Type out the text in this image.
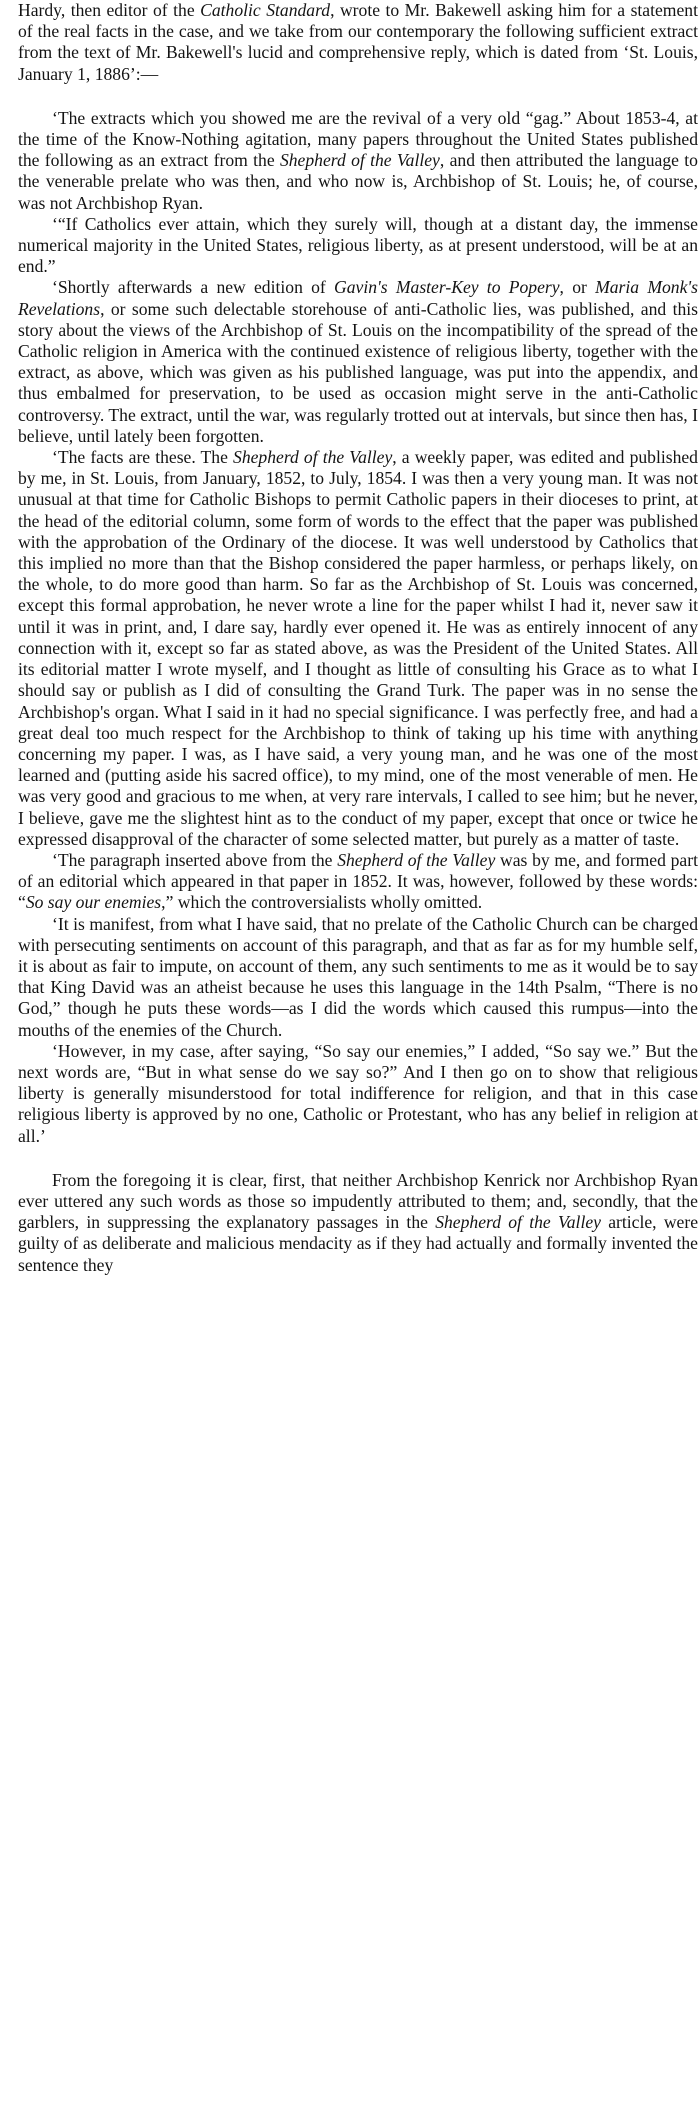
Hardy, then editor of the Catholic Standard, wrote to Mr. Bakewell asking him for a statement of the real facts in the case, and we take from our contemporary the following sufficient extract from the text of Mr. Bakewell's lucid and comprehensive reply, which is dated from ‘St. Louis, January 1, 1886’:—

‘The extracts which you showed me are the revival of a very old “gag.” About 1853-4, at the time of the Know-Nothing agitation, many papers throughout the United States published the following as an extract from the Shepherd of the Valley, and then attributed the language to the venerable prelate who was then, and who now is, Archbishop of St. Louis; he, of course, was not Archbishop Ryan.

‘“If Catholics ever attain, which they surely will, though at a distant day, the immense numerical majority in the United States, religious liberty, as at present understood, will be at an end.”

‘Shortly afterwards a new edition of Gavin's Master-Key to Popery, or Maria Monk's Revelations, or some such delectable storehouse of anti-Catholic lies, was published, and this story about the views of the Archbishop of St. Louis on the incompatibility of the spread of the Catholic religion in America with the continued existence of religious liberty, together with the extract, as above, which was given as his published language, was put into the appendix, and thus embalmed for preservation, to be used as occasion might serve in the anti-Catholic controversy. The extract, until the war, was regularly trotted out at intervals, but since then has, I believe, until lately been forgotten.

‘The facts are these. The Shepherd of the Valley, a weekly paper, was edited and published by me, in St. Louis, from January, 1852, to July, 1854. I was then a very young man. It was not unusual at that time for Catholic Bishops to permit Catholic papers in their dioceses to print, at the head of the editorial column, some form of words to the effect that the paper was published with the approbation of the Ordinary of the diocese. It was well understood by Catholics that this implied no more than that the Bishop considered the paper harmless, or perhaps likely, on the whole, to do more good than harm. So far as the Archbishop of St. Louis was concerned, except this formal approbation, he never wrote a line for the paper whilst I had it, never saw it until it was in print, and, I dare say, hardly ever opened it. He was as entirely innocent of any connection with it, except so far as stated above, as was the President of the United States. All its editorial matter I wrote myself, and I thought as little of consulting his Grace as to what I should say or publish as I did of consulting the Grand Turk. The paper was in no sense the Archbishop's organ. What I said in it had no special significance. I was perfectly free, and had a great deal too much respect for the Archbishop to think of taking up his time with anything concerning my paper. I was, as I have said, a very young man, and he was one of the most learned and (putting aside his sacred office), to my mind, one of the most venerable of men. He was very good and gracious to me when, at very rare intervals, I called to see him; but he never, I believe, gave me the slightest hint as to the conduct of my paper, except that once or twice he expressed disapproval of the character of some selected matter, but purely as a matter of taste.

‘The paragraph inserted above from the Shepherd of the Valley was by me, and formed part of an editorial which appeared in that paper in 1852. It was, however, followed by these words: “So say our enemies,” which the controversialists wholly omitted.

‘It is manifest, from what I have said, that no prelate of the Catholic Church can be charged with persecuting sentiments on account of this paragraph, and that as far as for my humble self, it is about as fair to impute, on account of them, any such sentiments to me as it would be to say that King David was an atheist because he uses this language in the 14th Psalm, “There is no God,” though he puts these words—as I did the words which caused this rumpus—into the mouths of the enemies of the Church.

‘However, in my case, after saying, “So say our enemies,” I added, “So say we.” But the next words are, “But in what sense do we say so?” And I then go on to show that religious liberty is generally misunderstood for total indifference for religion, and that in this case religious liberty is approved by no one, Catholic or Protestant, who has any belief in religion at all.’

From the foregoing it is clear, first, that neither Archbishop Kenrick nor Archbishop Ryan ever uttered any such words as those so impudently attributed to them; and, secondly, that the garblers, in suppressing the explanatory passages in the Shepherd of the Valley article, were guilty of as deliberate and malicious mendacity as if they had actually and formally invented the sentence they
